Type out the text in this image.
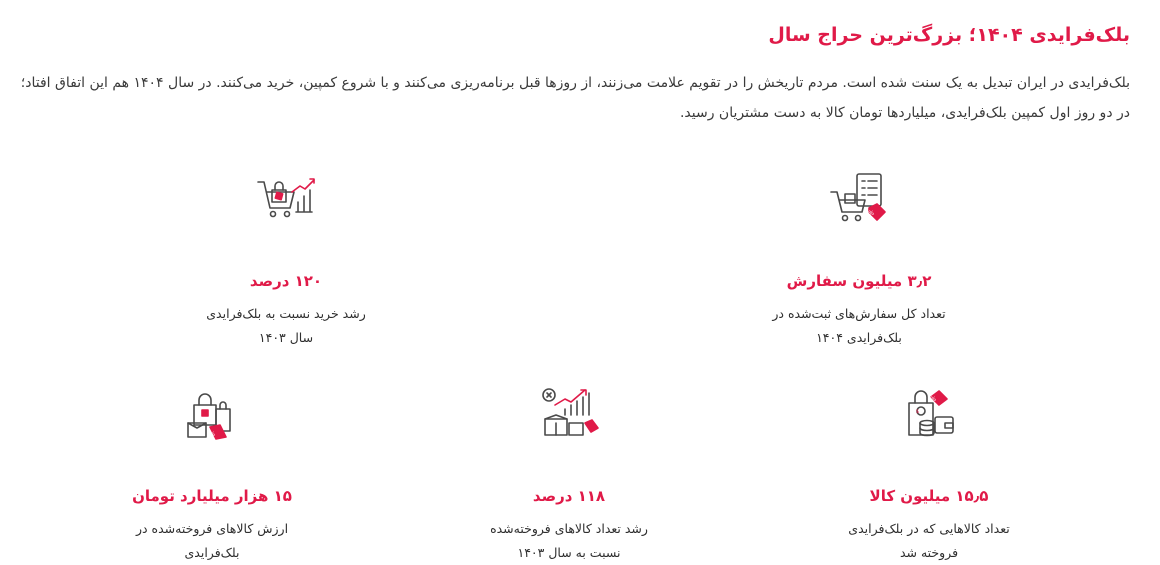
بلک‌فرایدی ۱۴۰۴؛ بزرگ‌ترین حراج سال

بلک‌فرایدی در ایران تبدیل به یک سنت شده است. مردم تاریخش را در تقویم علامت می‌زنند، از روزها قبل برنامه‌ریزی می‌کنند و با شروع کمپین، خرید می‌کنند. در سال ۱۴۰۴ هم این اتفاق افتاد؛ در دو روز اول کمپین بلک‌فرایدی، میلیاردها تومان کالا به دست مشتریان رسید.

۱۲۰ درصد
رشد خرید نسبت به بلک‌فرایدی
سال ۱۴۰۳
%
۳٫۲ میلیون سفارش
تعداد کل سفارش‌های ثبت‌شده در
بلک‌فرایدی ۱۴۰۴
%
۱۵ هزار میلیارد تومان
ارزش کالاهای فروخته‌شده در
بلک‌فرایدی
۱۱۸ درصد
رشد تعداد کالاهای فروخته‌شده
نسبت به سال ۱۴۰۳
%
$
۱۵٫۵ میلیون کالا
تعداد کالاهایی که در بلک‌فرایدی
فروخته شد
